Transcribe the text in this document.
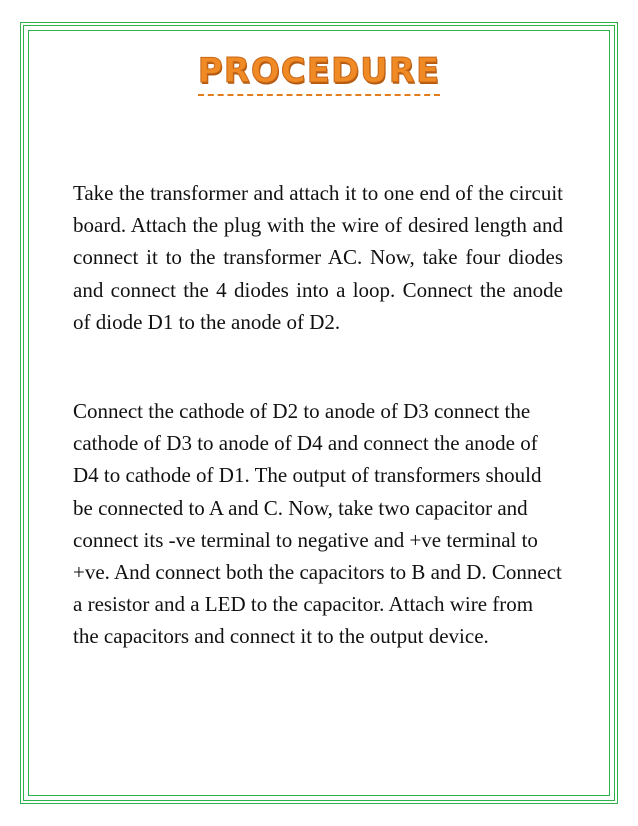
PROCEDURE

Take the transformer and attach it to one end of the circuit board. Attach the plug with the wire of desired length and connect it to the transformer AC. Now, take four diodes and connect the 4 diodes into a loop. Connect the anode of diode D1 to the anode of D2.

Connect the cathode of D2 to anode of D3 connect the cathode of D3 to anode of D4 and connect the anode of D4 to cathode of D1. The output of transformers should be connected to A and C. Now, take two capacitor and connect its -ve terminal to negative and +ve terminal to +ve. And connect both the capacitors to B and D. Connect a resistor and a LED to the capacitor. Attach wire from the capacitors and connect it to the output device.
